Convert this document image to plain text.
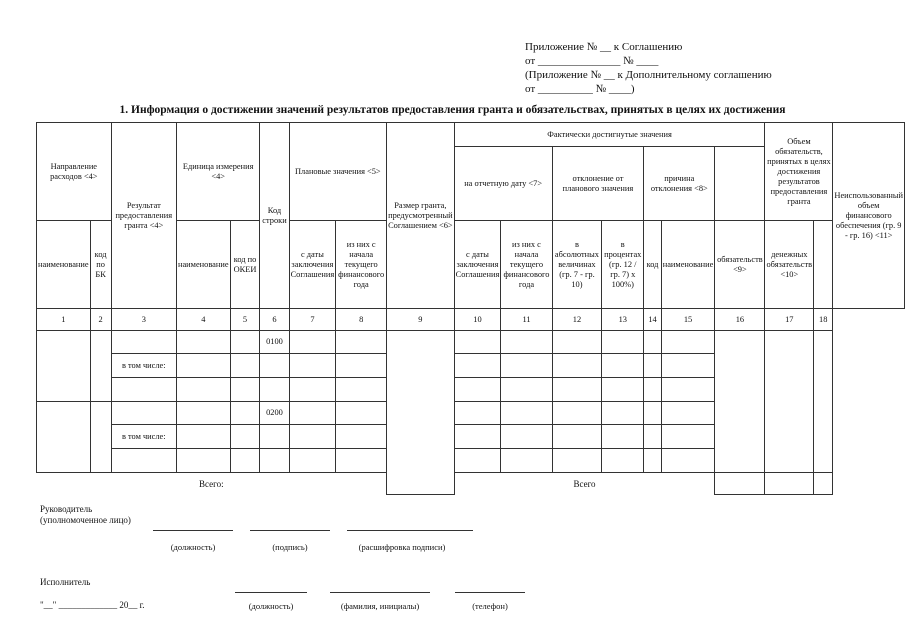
Приложение № __ к Соглашению
от _______________ № ____
(Приложение № __ к Дополнительному соглашению
от __________ № ____)
1. Информация о достижении значений результатов предоставления гранта и обязательствах, принятых в целях их достижения
Направление расходов <4>		Результат предоставления гранта <4>	Единица измерения <4>		Код строки	Плановые значения <5>		Размер гранта, предусмотренный Соглашением <6>	Фактически достигнутые значения							Объем обязательств, принятых в целях достижения результатов предоставления гранта		Неиспользованный объем финансового обеспечения (гр. 9 - гр. 16) <11>
									на отчетную дату <7>		отклонение от планового значения		причина отклонения <8>					
наименование	код по БК		наименование	код по ОКЕИ		с даты заключения Соглашения	из них с начала текущего финансового года		с даты заключения Соглашения	из них с начала текущего финансового года	в абсолютных величинах (гр. 7 - гр. 10)	в процентах (гр. 12 / гр. 7) x 100%)	код	наименование	обязательств <9>	денежных обязательств <10>		
1	2	3	4	5	6	7	8	9	10	11	12	13	14	15	16	17	18	
					0100													
		в том числе:																

					0200													
		в том числе:																

Всего:									Всего									
Руководитель
(уполномоченное лицо)
(должность)	(подпись)	(расшифровка подписи)
Исполнитель
"__" _____________ 20__ г.	(должность)	(фамилия, инициалы)	(телефон)
